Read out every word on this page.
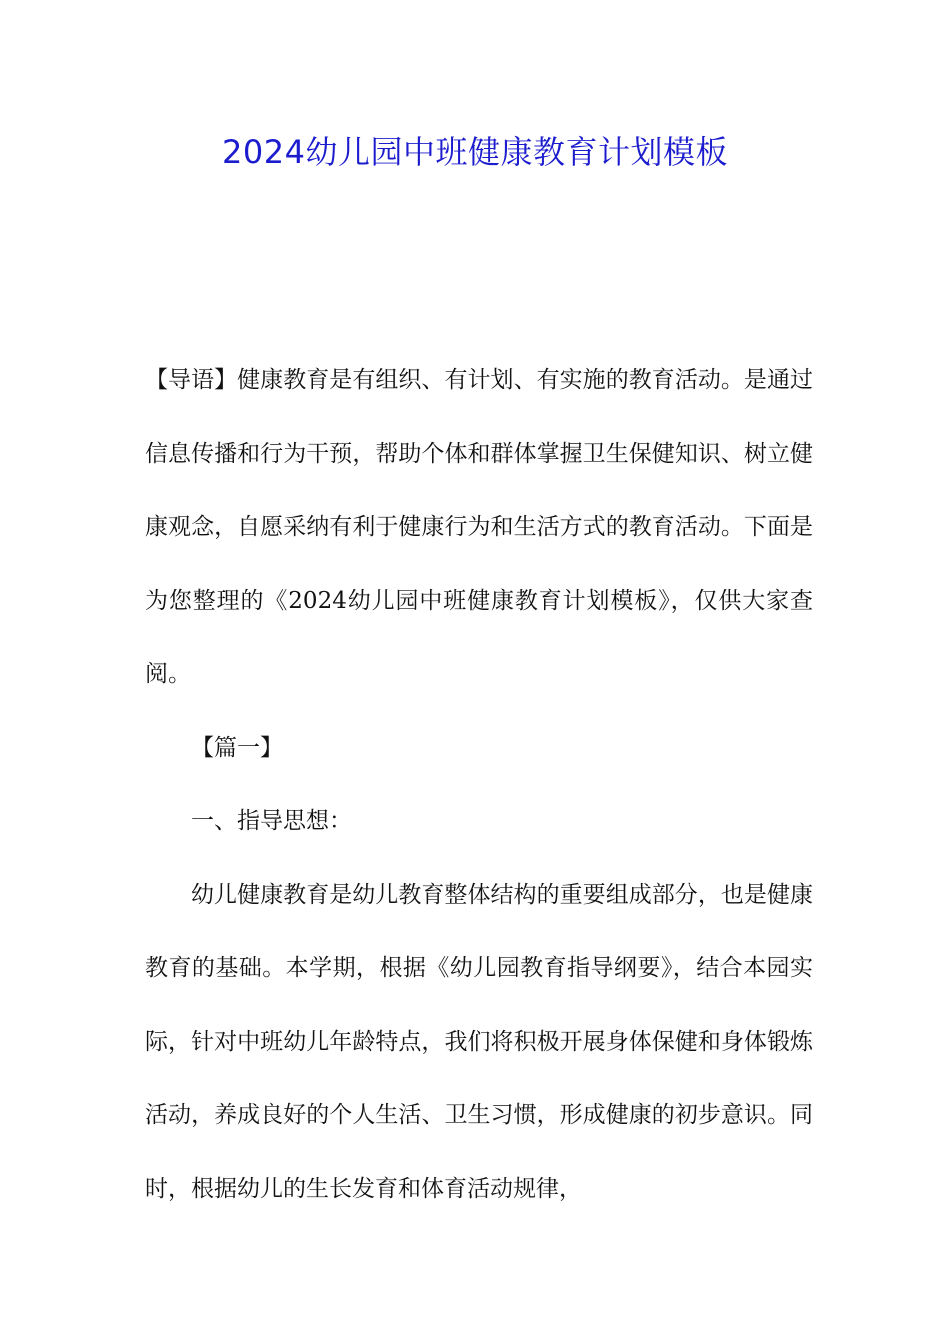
2024幼儿园中班健康教育计划模板

【导语】健康教育是有组织、有计划、有实施的教育活动。是通过信息传播和行为干预，帮助个体和群体掌握卫生保健知识、树立健康观念，自愿采纳有利于健康行为和生活方式的教育活动。下面是为您整理的《2024幼儿园中班健康教育计划模板》，仅供大家查阅。

【篇一】

一、指导思想：

幼儿健康教育是幼儿教育整体结构的重要组成部分，也是健康教育的基础。本学期，根据《幼儿园教育指导纲要》，结合本园实际，针对中班幼儿年龄特点，我们将积极开展身体保健和身体锻炼活动，养成良好的个人生活、卫生习惯，形成健康的初步意识。同时，根据幼儿的生长发育和体育活动规律，
